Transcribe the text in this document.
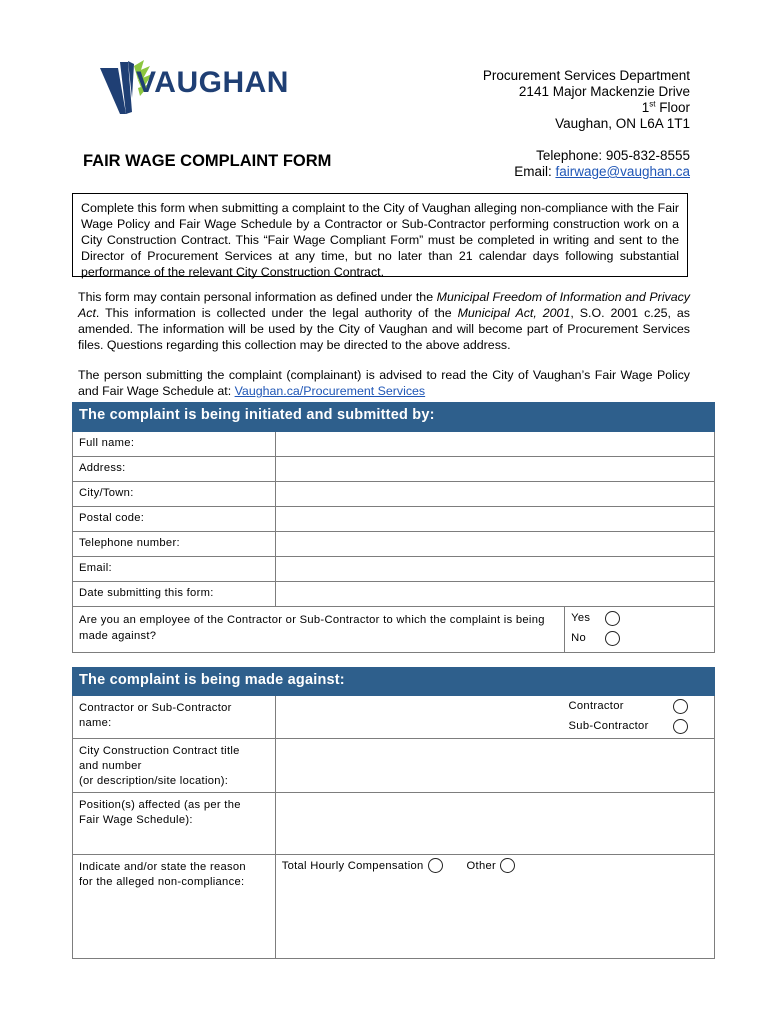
VAUGHAN	Procurement Services Department
2141 Major Mackenzie Drive
1st Floor
Vaughan, ON L6A 1T1
Telephone: 905-832-8555
Email: fairwage@vaughan.ca
FAIR WAGE COMPLAINT FORM
Complete this form when submitting a complaint to the City of Vaughan alleging non-compliance with the Fair Wage Policy and Fair Wage Schedule by a Contractor or Sub-Contractor performing construction work on a City Construction Contract. This “Fair Wage Compliant Form” must be completed in writing and sent to the Director of Procurement Services at any time, but no later than 21 calendar days following substantial performance of the relevant City Construction Contract.
This form may contain personal information as defined under the Municipal Freedom of Information and Privacy Act. This information is collected under the legal authority of the Municipal Act, 2001, S.O. 2001 c.25, as amended. The information will be used by the City of Vaughan and will become part of Procurement Services files. Questions regarding this collection may be directed to the above address.
The person submitting the complaint (complainant) is advised to read the City of Vaughan’s Fair Wage Policy and Fair Wage Schedule at: Vaughan.ca/Procurement Services
The complaint is being initiated and submitted by:		
Full name:		
Address:		
City/Town:		
Postal code:		
Telephone number:		
Email:		
Date submitting this form:		
Are you an employee of the Contractor or Sub-Contractor to which the complaint is being made against?		Yes
No
The complaint is being made against:		
Contractor or Sub-Contractor name:		Contractor
Sub-Contractor

City Construction Contract title and number
(or description/site location):		

Position(s) affected (as per the Fair Wage Schedule):		
Indicate and/or state the reason for the alleged non-compliance:	Total Hourly Compensation Other	
